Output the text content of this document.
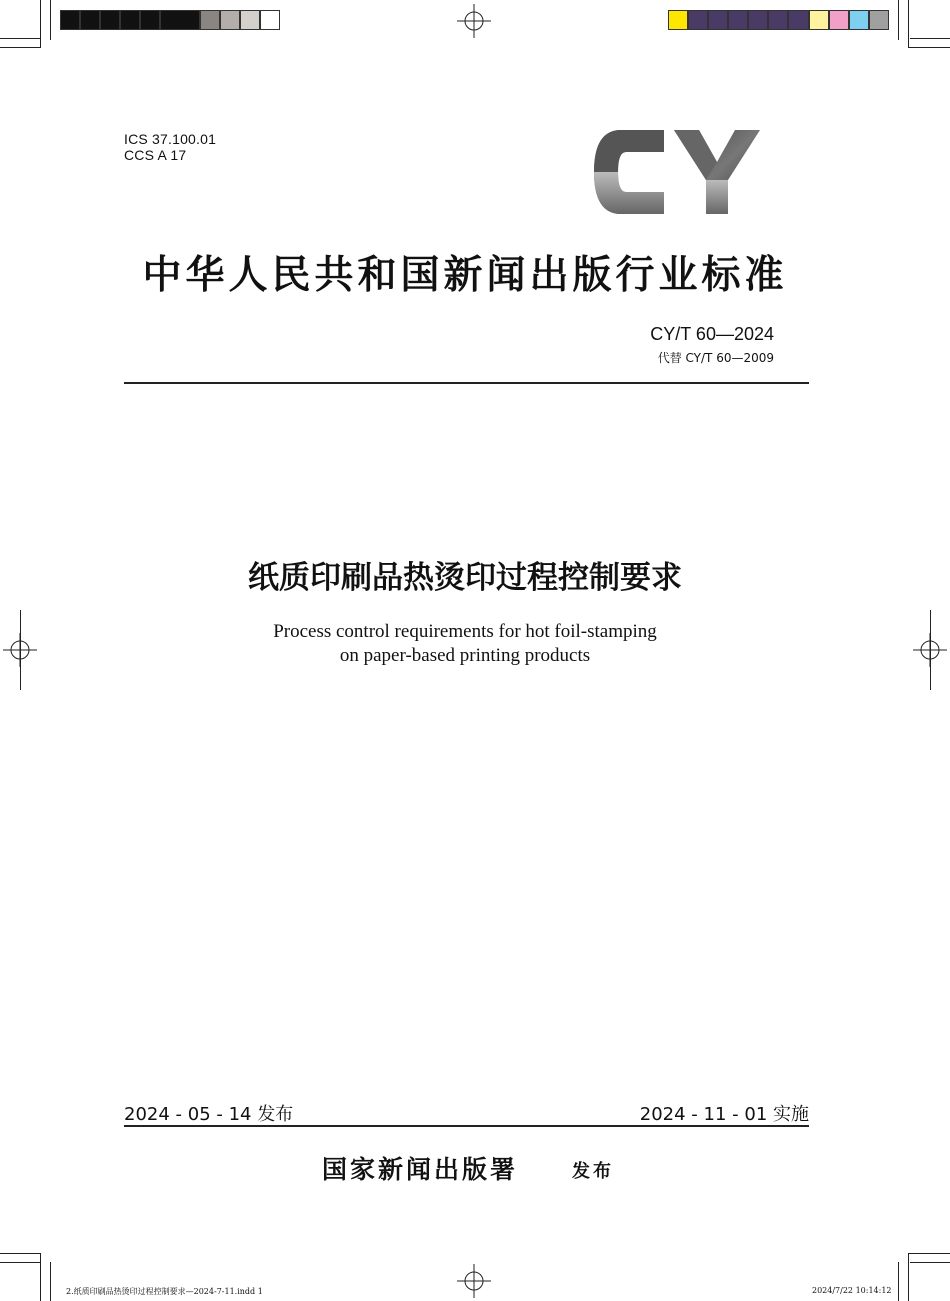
ICS 37.100.01
CCS A 17
CY
中华人民共和国新闻出版行业标准
CY/T 60—2024
代替 CY/T 60—2009
纸质印刷品热烫印过程控制要求
Process control requirements for hot foil-stamping
on paper-based printing products
2024 - 05 - 14 发布	2024 - 11 - 01 实施
国家新闻出版署	发布
2.纸质印刷品热烫印过程控制要求—2024-7-11.indd 1	2024/7/22 10:14:12
